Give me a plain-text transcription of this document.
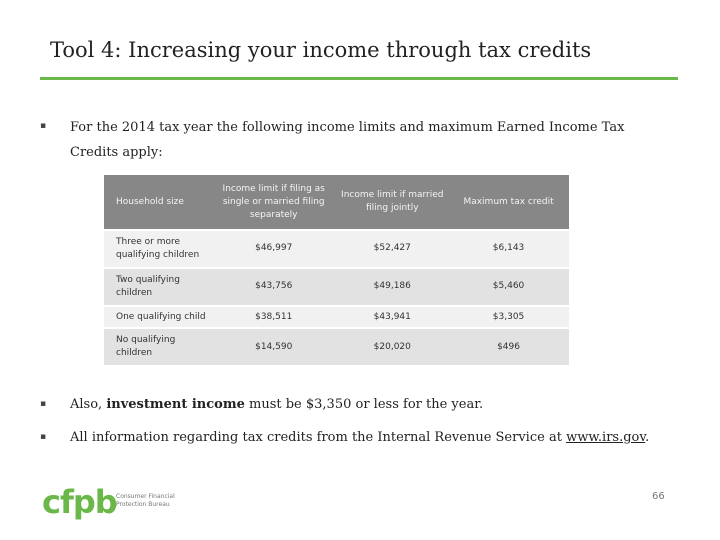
Tool 4: Increasing your income through tax credits
▪ For the 2014 tax year the following income limits and maximum Earned Income Tax Credits apply:
Household size	Income limit if filing as single or married filing separately	Income limit if married filing jointly	Maximum tax credit
Three or more qualifying children	$46,997	$52,427	$6,143
Two qualifying children	$43,756	$49,186	$5,460
One qualifying child	$38,511	$43,941	$3,305
No qualifying children	$14,590	$20,020	$496
▪ Also, investment income must be $3,350 or less for the year.
▪ All information regarding tax credits from the Internal Revenue Service at www.irs.gov.
cfpb Consumer Financial
Protection Bureau
66
